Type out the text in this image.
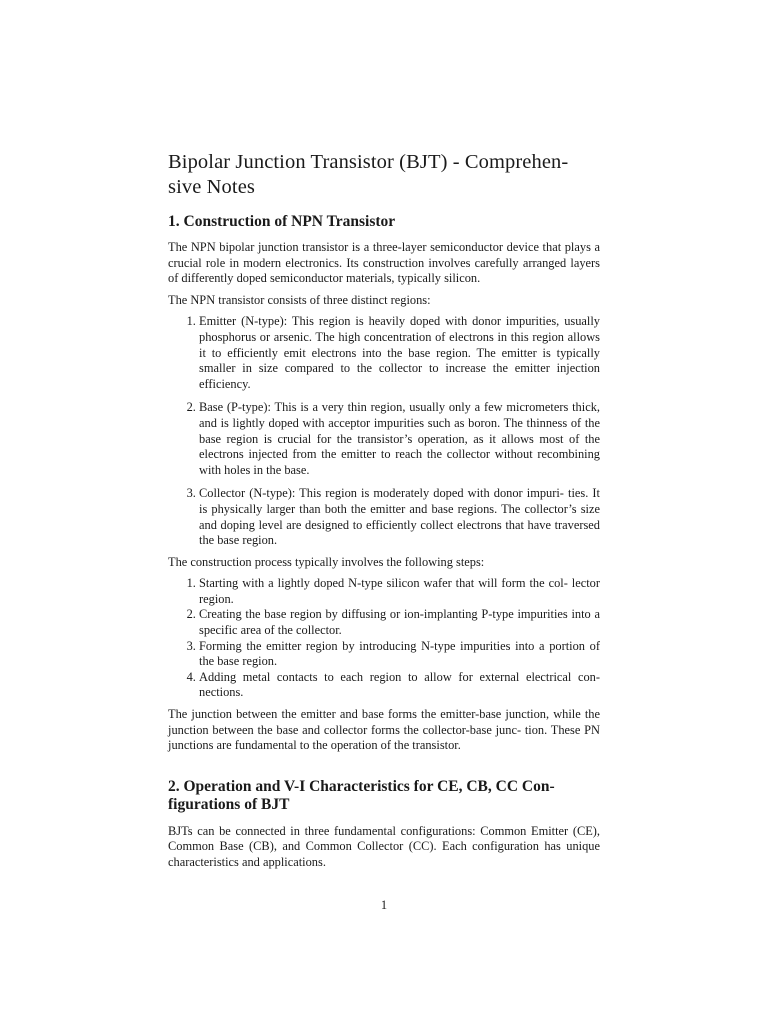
Bipolar Junction Transistor (BJT) - Comprehen- sive Notes
1. Construction of NPN Transistor

The NPN bipolar junction transistor is a three-layer semiconductor device that plays a crucial role in modern electronics. Its construction involves carefully arranged layers of differently doped semiconductor materials, typically silicon.

The NPN transistor consists of three distinct regions:

1. Emitter (N-type): This region is heavily doped with donor impurities, usually phosphorus or arsenic. The high concentration of electrons in this region allows it to efficiently emit electrons into the base region. The emitter is typically smaller in size compared to the collector to increase the emitter injection efficiency.
2. Base (P-type): This is a very thin region, usually only a few micrometers thick, and is lightly doped with acceptor impurities such as boron. The thinness of the base region is crucial for the transistor’s operation, as it allows most of the electrons injected from the emitter to reach the collector without recombining with holes in the base.
3. Collector (N-type): This region is moderately doped with donor impuri- ties. It is physically larger than both the emitter and base regions. The collector’s size and doping level are designed to efficiently collect electrons that have traversed the base region.

The construction process typically involves the following steps:

1. Starting with a lightly doped N-type silicon wafer that will form the col- lector region.
2. Creating the base region by diffusing or ion-implanting P-type impurities into a specific area of the collector.
3. Forming the emitter region by introducing N-type impurities into a portion of the base region.
4. Adding metal contacts to each region to allow for external electrical con- nections.

The junction between the emitter and base forms the emitter-base junction, while the junction between the base and collector forms the collector-base junc- tion. These PN junctions are fundamental to the operation of the transistor.

2. Operation and V-I Characteristics for CE, CB, CC Con- figurations of BJT

BJTs can be connected in three fundamental configurations: Common Emitter (CE), Common Base (CB), and Common Collector (CC). Each configuration has unique characteristics and applications.

1
